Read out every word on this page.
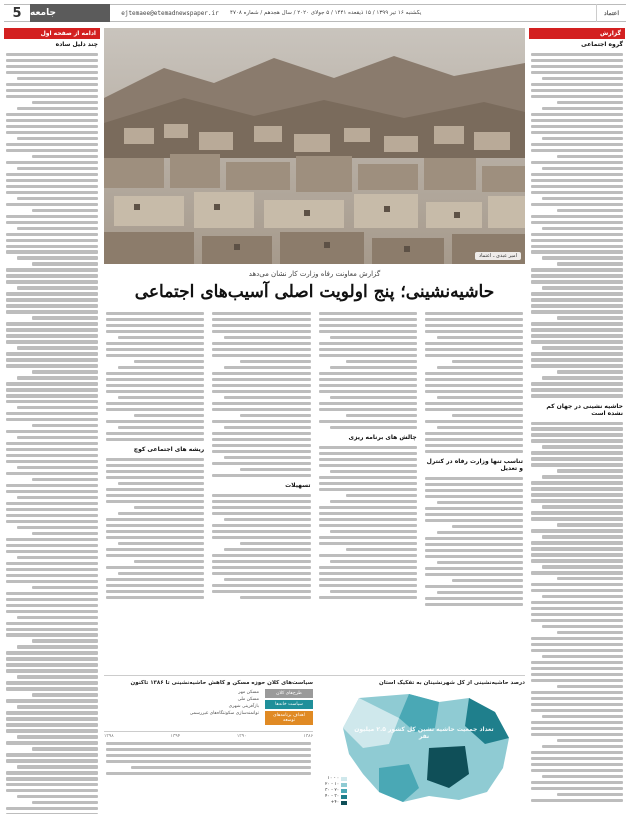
اعتماد
یکشنبه ۱۶ تیر ۱۳۹۹ / ۱۵ ذیقعده ۱۴۴۱ / ۵ جولای ۲۰۲۰ / سال هجدهم / شماره ۴۷۰۸
ejtemaee@etemadnewspaper.ir
جامعه
5
گزارش
گروه اجتماعی
حاشیه نشینی در جهان کم نشده است
امیر عبدی ـ اعتماد
گزارش معاونت رفاه وزارت کار نشان می‌دهد
حاشیه‌نشینی؛ پنج اولویت اصلی آسیب‌های اجتماعی
تناسب تنها وزارت رفاه در کنترل و تعدیل
چالش های برنامه ریزی
تسهیلات
ریشه های اجتماعی کوچ
درصد حاشیه‌نشینی از کل شهرنشینان به تفکیک استان
تعداد جمعیت حاشیه نشین کل کشور ۲.۵ میلیون نفر
۰ - ۱۰
۱۰ - ۲۰
۲۰ - ۳۰
۳۰ - ۴۰
۴۰+
سیاست‌های کلان حوزه مسکن و کاهش حاشیه‌نشینی تا ۱۳۸۶ تاکنون
طرح‌های کلان
سیاست خانه‌ها
اهداف برنامه‌های توسعه
مسکن مهر
مسکن ملی
بازآفرینی شهری
توانمندسازی سکونتگاه‌های غیررسمی
۱۳۸۶
۱۳۹۰
۱۳۹۴
۱۳۹۸
ادامه از صفحه اول
چند دلیل ساده
